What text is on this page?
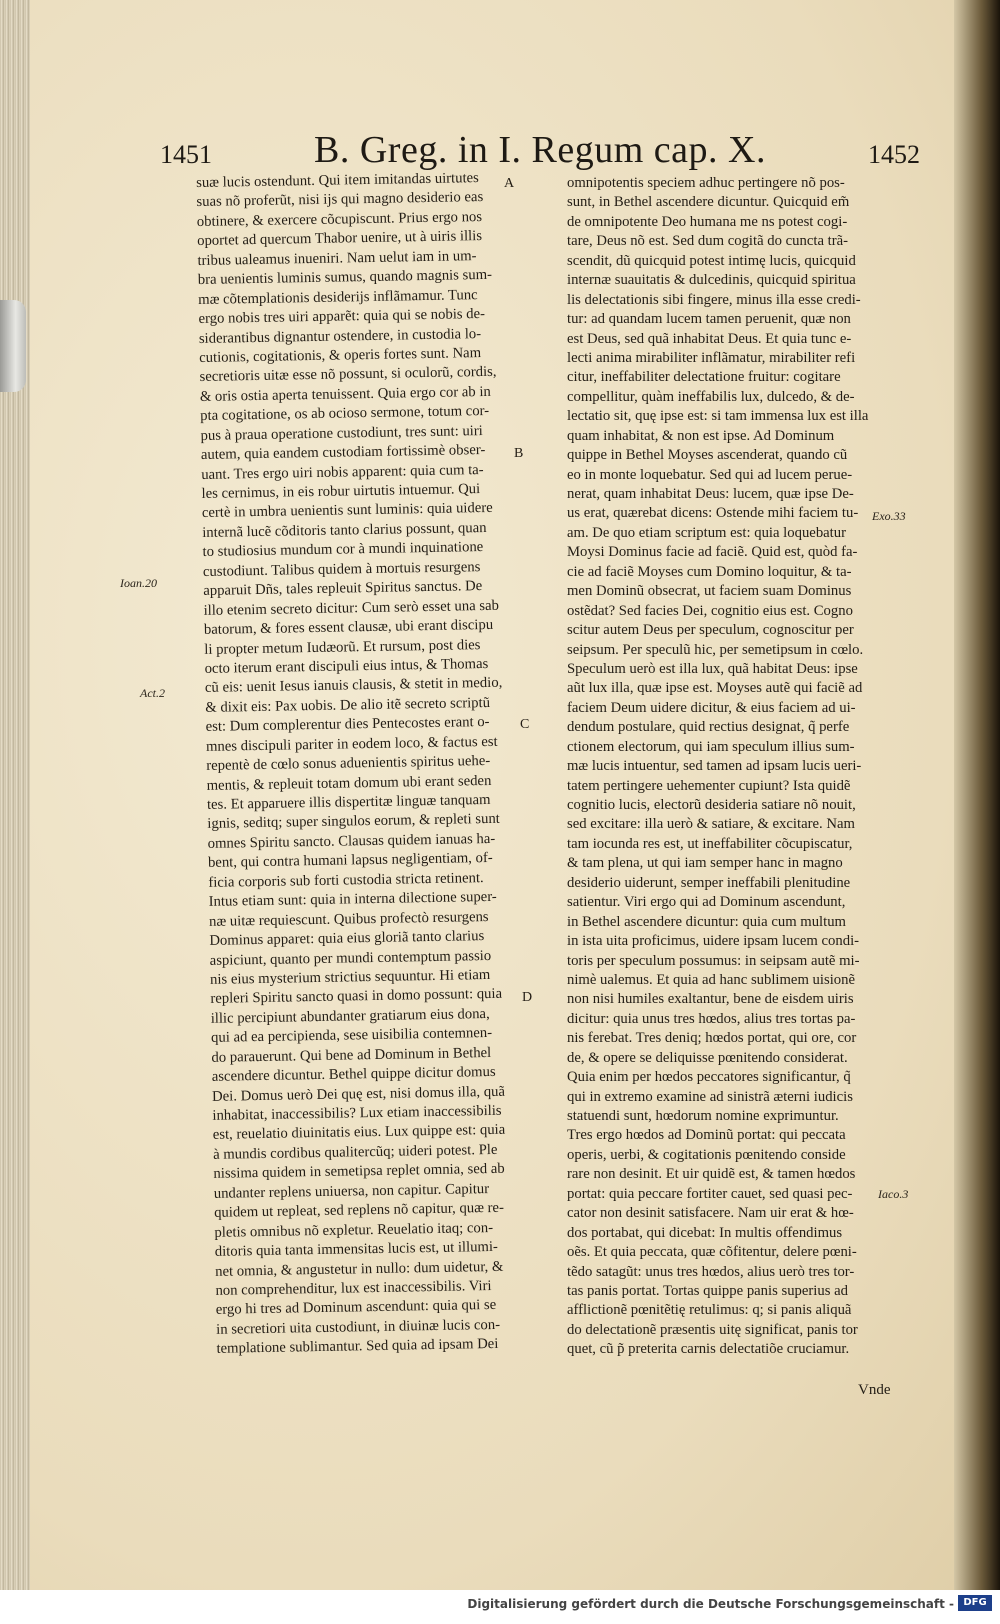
1451	B. Greg. in I. Regum cap. X.	1452
suæ lucis ostendunt. Qui item imitandas uirtutes
suas nõ proferũt, nisi ijs qui magno desiderio eas
obtinere, & exercere cõcupiscunt. Prius ergo nos
oportet ad quercum Thabor uenire, ut à uiris illis
tribus ualeamus inueniri. Nam uelut iam in um-
bra uenientis luminis sumus, quando magnis sum-
mæ cõtemplationis desiderijs inflãmamur. Tunc
ergo nobis tres uiri apparẽt: quia qui se nobis de-
siderantibus dignantur ostendere, in custodia lo-
cutionis, cogitationis, & operis fortes sunt. Nam
secretioris uitæ esse nõ possunt, si oculorũ, cordis,
& oris ostia aperta tenuissent. Quia ergo cor ab in
pta cogitatione, os ab ocioso sermone, totum cor-
pus à praua operatione custodiunt, tres sunt: uiri
autem, quia eandem custodiam fortissimè obser-
uant. Tres ergo uiri nobis apparent: quia cum ta-
les cernimus, in eis robur uirtutis intuemur. Qui
certè in umbra uenientis sunt luminis: quia uidere
internã lucẽ cõditoris tanto clarius possunt, quan
to studiosius mundum cor à mundi inquinatione
custodiunt. Talibus quidem à mortuis resurgens
apparuit Dñs, tales repleuit Spiritus sanctus. De
illo etenim secreto dicitur: Cum serò esset una sab
batorum, & fores essent clausæ, ubi erant discipu
li propter metum Iudæorũ. Et rursum, post dies
octo iterum erant discipuli eius intus, & Thomas
cũ eis: uenit Iesus ianuis clausis, & stetit in medio,
& dixit eis: Pax uobis. De alio itẽ secreto scriptũ
est: Dum complerentur dies Pentecostes erant o-
mnes discipuli pariter in eodem loco, & factus est
repentè de cœlo sonus aduenientis spiritus uehe-
mentis, & repleuit totam domum ubi erant seden
tes. Et apparuere illis dispertitæ linguæ tanquam
ignis, seditq; super singulos eorum, & repleti sunt
omnes Spiritu sancto. Clausas quidem ianuas ha-
bent, qui contra humani lapsus negligentiam, of-
ficia corporis sub forti custodia stricta retinent.
Intus etiam sunt: quia in interna dilectione super-
næ uitæ requiescunt. Quibus profectò resurgens
Dominus apparet: quia eius gloriã tanto clarius
aspiciunt, quanto per mundi contemptum passio
nis eius mysterium strictius sequuntur. Hi etiam
repleri Spiritu sancto quasi in domo possunt: quia
illic percipiunt abundanter gratiarum eius dona,
qui ad ea percipienda, sese uisibilia contemnen-
do parauerunt. Qui bene ad Dominum in Bethel
ascendere dicuntur. Bethel quippe dicitur domus
Dei. Domus uerò Dei quę est, nisi domus illa, quã
inhabitat, inaccessibilis? Lux etiam inaccessibilis
est, reuelatio diuinitatis eius. Lux quippe est: quia
à mundis cordibus qualitercũq; uideri potest. Ple
nissima quidem in semetipsa replet omnia, sed ab
undanter replens uniuersa, non capitur. Capitur
quidem ut repleat, sed replens nõ capitur, quæ re-
pletis omnibus nõ expletur. Reuelatio itaq; con-
ditoris quia tanta immensitas lucis est, ut illumi-
net omnia, & angustetur in nullo: dum uidetur, &
non comprehenditur, lux est inaccessibilis. Viri
ergo hi tres ad Dominum ascendunt: quia qui se
in secretiori uita custodiunt, in diuinæ lucis con-
templatione sublimantur. Sed quia ad ipsam Dei
omnipotentis speciem adhuc pertingere nõ pos-
sunt, in Bethel ascendere dicuntur. Quicquid em̃
de omnipotente Deo humana me ns potest cogi-
tare, Deus nõ est. Sed dum cogitã do cuncta trã-
scendit, dũ quicquid potest intimę lucis, quicquid
internæ suauitatis & dulcedinis, quicquid spiritua
lis delectationis sibi fingere, minus illa esse credi-
tur: ad quandam lucem tamen peruenit, quæ non
est Deus, sed quã inhabitat Deus. Et quia tunc e-
lecti anima mirabiliter inflãmatur, mirabiliter refi
citur, ineffabiliter delectatione fruitur: cogitare
compellitur, quàm ineffabilis lux, dulcedo, & de-
lectatio sit, quę ipse est: si tam immensa lux est illa
quam inhabitat, & non est ipse. Ad Dominum
quippe in Bethel Moyses ascenderat, quando cũ
eo in monte loquebatur. Sed qui ad lucem perue-
nerat, quam inhabitat Deus: lucem, quæ ipse De-
us erat, quærebat dicens: Ostende mihi faciem tu-
am. De quo etiam scriptum est: quia loquebatur
Moysi Dominus facie ad faciẽ. Quid est, quòd fa-
cie ad faciẽ Moyses cum Domino loquitur, & ta-
men Dominũ obsecrat, ut faciem suam Dominus
ostẽdat? Sed facies Dei, cognitio eius est. Cogno
scitur autem Deus per speculum, cognoscitur per
seipsum. Per speculũ hic, per semetipsum in cœlo.
Speculum uerò est illa lux, quã habitat Deus: ipse
aũt lux illa, quæ ipse est. Moyses autẽ qui faciẽ ad
faciem Deum uidere dicitur, & eius faciem ad ui-
dendum postulare, quid rectius designat, q̃ perfe
ctionem electorum, qui iam speculum illius sum-
mæ lucis intuentur, sed tamen ad ipsam lucis ueri-
tatem pertingere uehementer cupiunt? Ista quidẽ
cognitio lucis, electorũ desideria satiare nõ nouit,
sed excitare: illa uerò & satiare, & excitare. Nam
tam iocunda res est, ut ineffabiliter cõcupiscatur,
& tam plena, ut qui iam semper hanc in magno
desiderio uiderunt, semper ineffabili plenitudine
satientur. Viri ergo qui ad Dominum ascendunt,
in Bethel ascendere dicuntur: quia cum multum
in ista uita proficimus, uidere ipsam lucem condi-
toris per speculum possumus: in seipsam autẽ mi-
nimè ualemus. Et quia ad hanc sublimem uisionẽ
non nisi humiles exaltantur, bene de eisdem uiris
dicitur: quia unus tres hœdos, alius tres tortas pa-
nis ferebat. Tres deniq; hœdos portat, qui ore, cor
de, & opere se deliquisse pœnitendo considerat.
Quia enim per hœdos peccatores significantur, q̃
qui in extremo examine ad sinistrã æterni iudicis
statuendi sunt, hœdorum nomine exprimuntur.
Tres ergo hœdos ad Dominũ portat: qui peccata
operis, uerbi, & cogitationis pœnitendo conside
rare non desinit. Et uir quidẽ est, & tamen hœdos
portat: quia peccare fortiter cauet, sed quasi pec-
cator non desinit satisfacere. Nam uir erat & hœ-
dos portabat, qui dicebat: In multis offendimus
oẽs. Et quia peccata, quæ cõfitentur, delere pœni-
tẽdo satagũt: unus tres hœdos, alius uerò tres tor-
tas panis portat. Tortas quippe panis superius ad
afflictionẽ pœnitẽtię retulimus: q; si panis aliquã
do delectationẽ præsentis uitę significat, panis tor
quet, cũ p̃ preterita carnis delectatiõe cruciamur.
A
B
C
D
Ioan.20
Act.2
Exo.33
Iaco.3
Vnde
Digitalisierung gefördert durch die Deutsche Forschungsgemeinschaft - DFG
